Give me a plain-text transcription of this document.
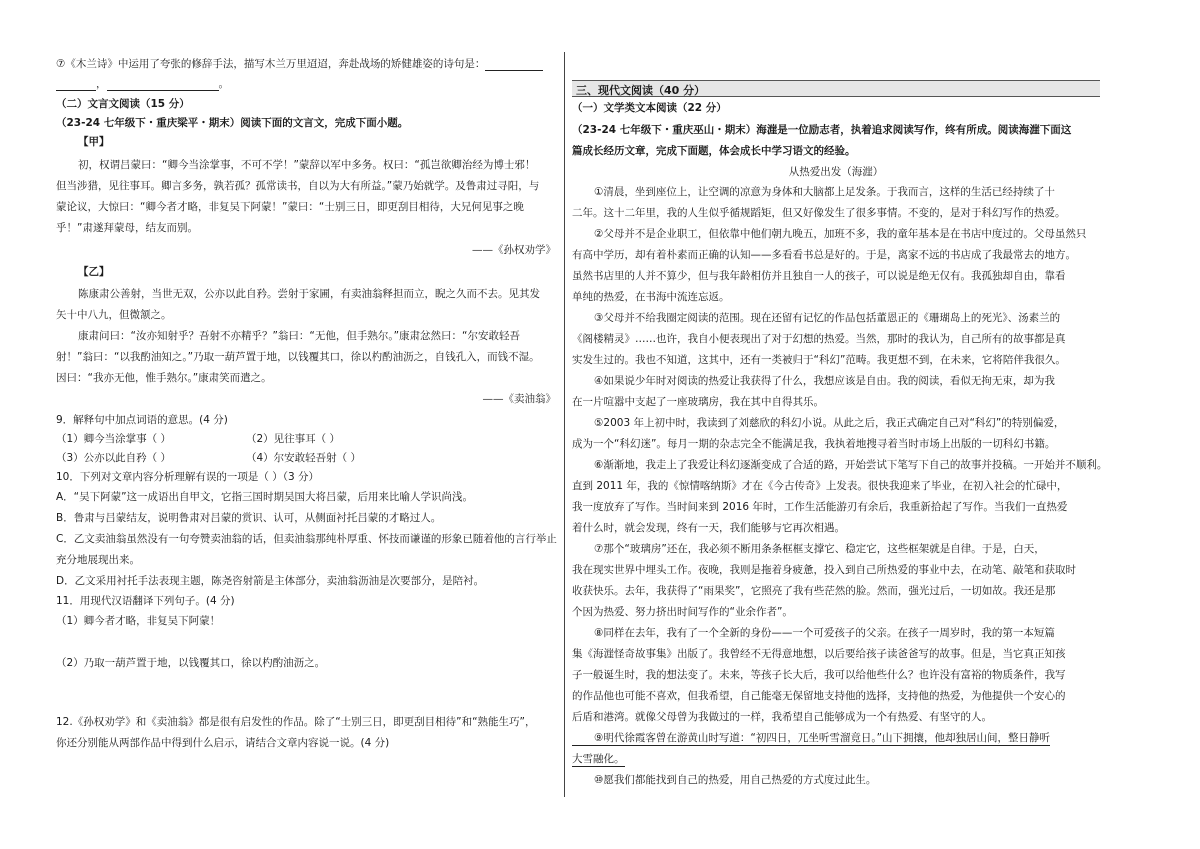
⑦《木兰诗》中运用了夸张的修辞手法，描写木兰万里迢迢，奔赴战场的矫健雄姿的诗句是：
，	。
（二）文言文阅读（15 分）
（23-24 七年级下・重庆梁平・期末）阅读下面的文言文，完成下面小题。
【甲】
初，权谓吕蒙曰：“卿今当涂掌事，不可不学！”蒙辞以军中多务。权曰：“孤岂欲卿治经为博士邪！
但当涉猎，见往事耳。卿言多务，孰若孤？孤常读书，自以为大有所益。”蒙乃始就学。及鲁肃过寻阳，与
蒙论议，大惊曰：“卿今者才略，非复吴下阿蒙！”蒙曰：“士别三日，即更刮目相待，大兄何见事之晚
乎！”肃遂拜蒙母，结友而别。
——《孙权劝学》
【乙】
陈康肃公善射，当世无双，公亦以此自矜。尝射于家圃，有卖油翁释担而立，睨之久而不去。见其发
矢十中八九，但微颔之。
康肃问曰：“汝亦知射乎？吾射不亦精乎？”翁曰：“无他，但手熟尔。”康肃忿然曰：“尔安敢轻吾
射！”翁曰：“以我酌油知之。”乃取一葫芦置于地，以钱覆其口，徐以杓酌油沥之，自钱孔入，而钱不湿。
因曰：“我亦无他，惟手熟尔。”康肃笑而遣之。
——《卖油翁》
9．解释句中加点词语的意思。(4 分)
（1）卿今当涂掌事（ ）	（2）见往事耳（ ）
（3）公亦以此自矜（ ）	（4）尔安敢轻吾射（ ）
10．下列对文章内容分析理解有误的一项是（ ）（3 分）
A．“吴下阿蒙”这一成语出自甲文，它指三国时期吴国大将吕蒙，后用来比喻人学识尚浅。
B．鲁肃与吕蒙结友，说明鲁肃对吕蒙的赏识、认可，从侧面衬托吕蒙的才略过人。
C．乙文卖油翁虽然没有一句夸赞卖油翁的话，但卖油翁那纯朴厚重、怀技而谦谨的形象已随着他的言行举止
充分地展现出来。
D．乙文采用衬托手法表现主题，陈尧咨射箭是主体部分，卖油翁沥油是次要部分，是陪衬。
11．用现代汉语翻译下列句子。(4 分)
（1）卿今者才略，非复吴下阿蒙！
（2）乃取一葫芦置于地，以钱覆其口，徐以杓酌油沥之。
12.《孙权劝学》和《卖油翁》都是很有启发性的作品。除了“士别三日，即更刮目相待”和“熟能生巧”，
你还分别能从两部作品中得到什么启示，请结合文章内容说一说。(4 分)
三、现代文阅读（40 分）
（一）文学类文本阅读（22 分）
（23-24 七年级下・重庆巫山・期末）海漄是一位励志者，执着追求阅读写作，终有所成。阅读海漄下面这
篇成长经历文章，完成下面题，体会成长中学习语文的经验。
从热爱出发（海漄）
①清晨，坐到座位上，让空调的凉意为身体和大脑都上足发条。于我而言，这样的生活已经持续了十
二年。这十二年里，我的人生似乎循规蹈矩，但又好像发生了很多事情。不变的，是对于科幻写作的热爱。
②父母并不是企业职工，但依靠中他们朝九晚五，加班不多，我的童年基本是在书店中度过的。父母虽然只
有高中学历，却有着朴素而正确的认知——多看看书总是好的。于是，离家不远的书店成了我最常去的地方。
虽然书店里的人并不算少，但与我年龄相仿并且独自一人的孩子，可以说是绝无仅有。我孤独却自由，靠看
单纯的热爱，在书海中流连忘返。
③父母并不给我圈定阅读的范围。现在还留有记忆的作品包括董恩正的《珊瑚岛上的死光》、汤素兰的
《阁楼精灵》……也许，我自小便表现出了对于幻想的热爱。当然，那时的我认为，自己所有的故事都是真
实发生过的。我也不知道，这其中，还有一类被归于“科幻”范畴。我更想不到，在未来，它将陪伴我很久。
④如果说少年时对阅读的热爱让我获得了什么，我想应该是自由。我的阅读，看似无拘无束，却为我
在一片喧嚣中支起了一座玻璃房，我在其中自得其乐。
⑤2003 年上初中时，我读到了刘慈欣的科幻小说。从此之后，我正式确定自己对“科幻”的特别偏爱，
成为一个“科幻迷”。每月一期的杂志完全不能满足我，我执着地搜寻着当时市场上出版的一切科幻书籍。
⑥渐渐地，我走上了我爱让科幻逐渐变成了合适的路，开始尝试下笔写下自己的故事并投稿。一开始并不顺利。
直到 2011 年，我的《惊情喀纳斯》才在《今古传奇》上发表。很快我迎来了毕业，在初入社会的忙碌中，
我一度放弃了写作。当时间来到 2016 年时，工作生活能游刃有余后，我重新拾起了写作。当我们一直热爱
着什么时，就会发现，终有一天，我们能够与它再次相遇。
⑦那个“玻璃房”还在，我必须不断用条条框框支撑它、稳定它，这些框架就是自律。于是，白天，
我在现实世界中埋头工作。夜晚，我则是拖着身疲惫，投入到自己所热爱的事业中去，在动笔、敲笔和获取时
收获快乐。去年，我获得了“雨果奖”，它照亮了我有些茫然的脸。然而，强光过后，一切如故。我还是那
个因为热爱、努力挤出时间写作的“业余作者”。
⑧同样在去年，我有了一个全新的身份——一个可爱孩子的父亲。在孩子一周岁时，我的第一本短篇
集《海漄怪奇故事集》出版了。我曾经不无得意地想，以后要给孩子读爸爸写的故事。但是，当它真正知孩
子一般诞生时，我的想法变了。未来，等孩子长大后，我可以给他些什么？也许没有富裕的物质条件，我写
的作品他也可能不喜欢，但我希望，自己能毫无保留地支持他的选择，支持他的热爱，为他提供一个安心的
后盾和港湾。就像父母曾为我做过的一样，我希望自己能够成为一个有热爱、有坚守的人。
⑨明代徐霞客曾在游黄山时写道：“初四日，兀坐听雪溜竟日。”山下拥攘，他却独居山间，整日静听
大雪融化。
⑩愿我们都能找到自己的热爱，用自己热爱的方式度过此生。
